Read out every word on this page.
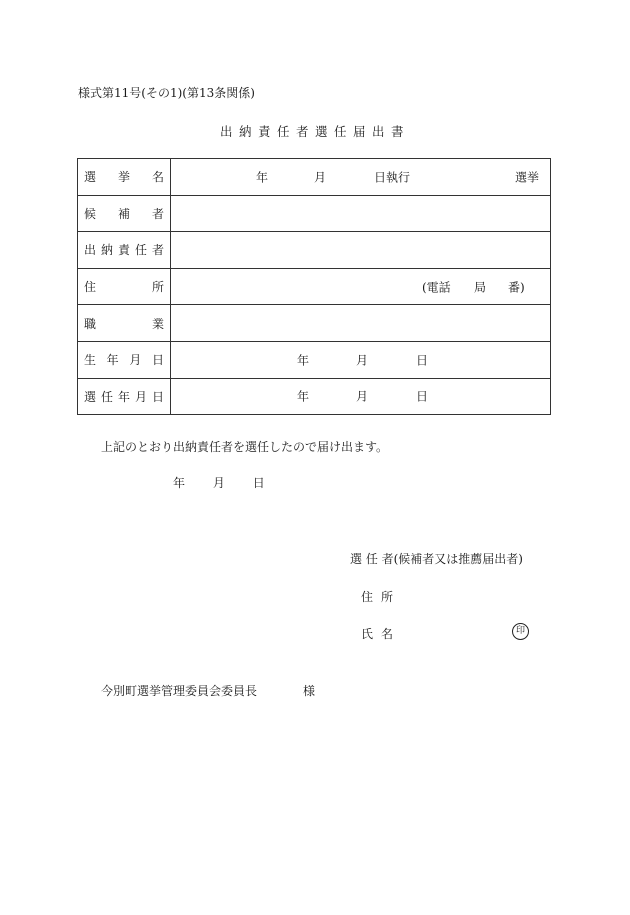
様式第11号(その1)(第13条関係)
出納責任者選任届出書
選 挙 名	年 月 日執行 選挙

候 補 者	

出 納 責 任 者	

住 所	(電話 局 番)

職 業	

生 年 月 日	年 月 日

選 任 年 月 日	年 月 日
上記のとおり出納責任者を選任したので届け出ます。
年 月 日
選 任 者(候補者又は推薦届出者)
住所
氏名	印
今別町選挙管理委員会委員長	様
